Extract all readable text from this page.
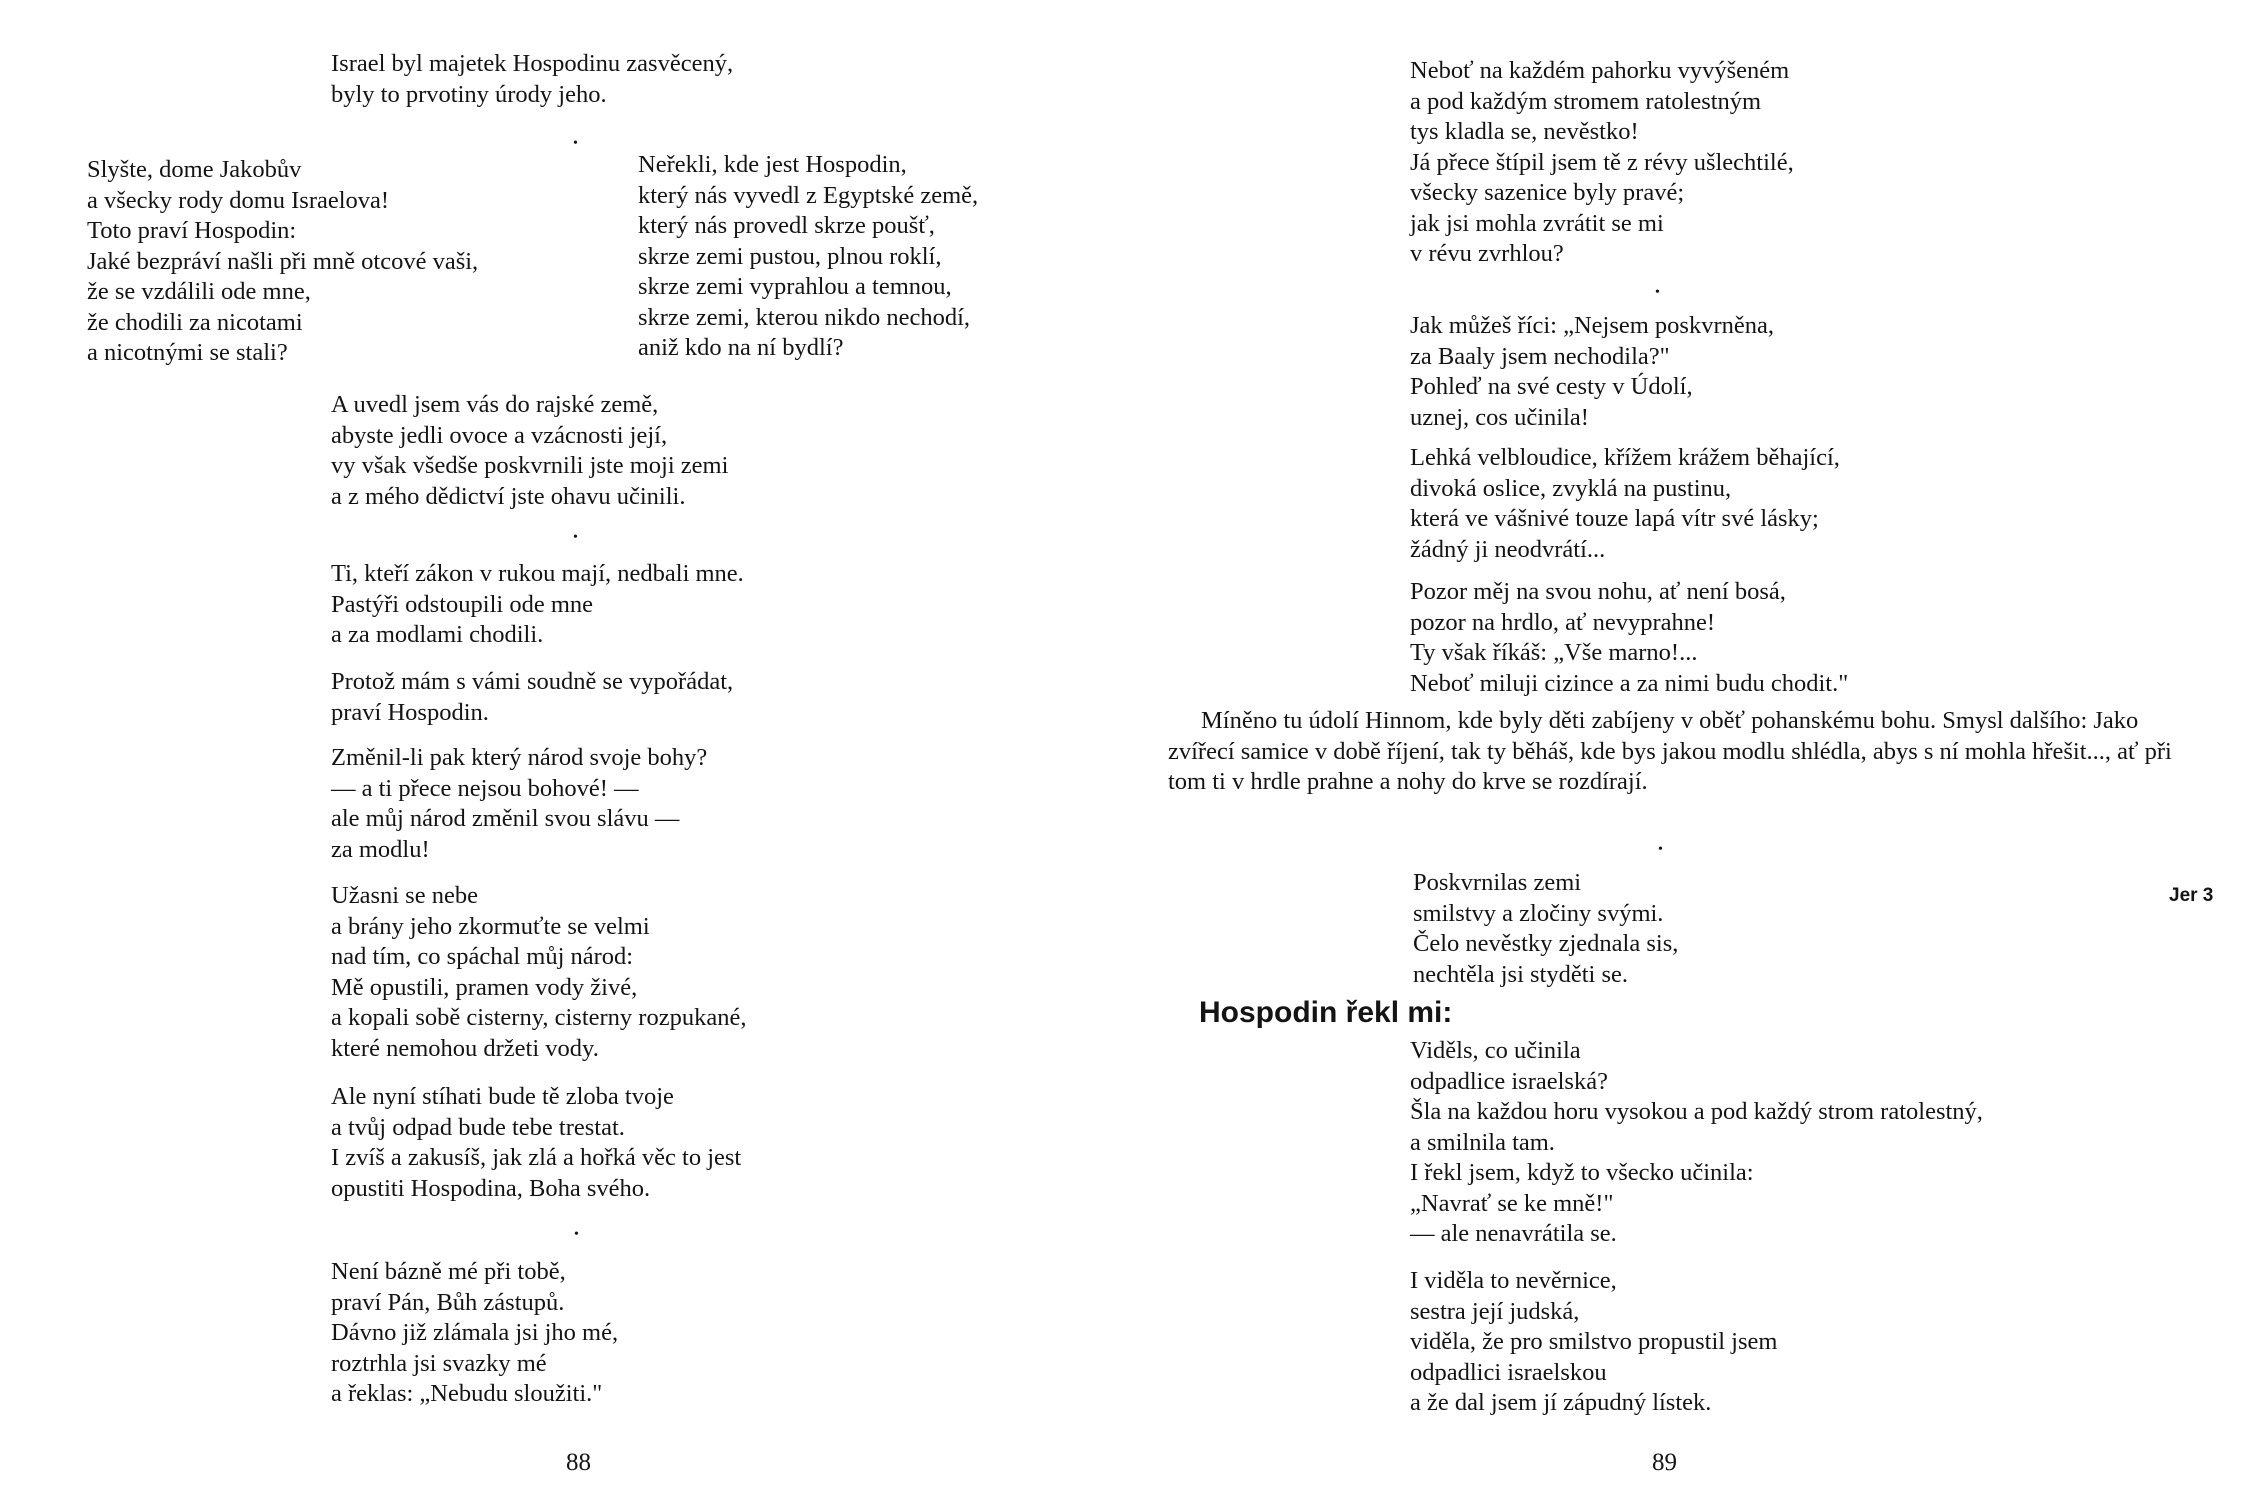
Israel byl majetek Hospodinu zasvěcený,
byly to prvotiny úrody jeho.
Slyšte, dome Jakobův
a všecky rody domu Israelova!
Toto praví Hospodin:
Jaké bezpráví našli při mně otcové vaši,
že se vzdálili ode mne,
že chodili za nicotami
a nicotnými se stali?
Neřekli, kde jest Hospodin,
který nás vyvedl z Egyptské země,
který nás provedl skrze poušť,
skrze zemi pustou, plnou roklí,
skrze zemi vyprahlou a temnou,
skrze zemi, kterou nikdo nechodí,
aniž kdo na ní bydlí?
A uvedl jsem vás do rajské země,
abyste jedli ovoce a vzácnosti její,
vy však všedše poskvrnili jste moji zemi
a z mého dědictví jste ohavu učinili.
Ti, kteří zákon v rukou mají, nedbali mne.
Pastýři odstoupili ode mne
a za modlami chodili.
Protož mám s vámi soudně se vypořádat,
praví Hospodin.
Změnil-li pak který národ svoje bohy?
— a ti přece nejsou bohové! —
ale můj národ změnil svou slávu —
za modlu!
Užasni se nebe
a brány jeho zkormuťte se velmi
nad tím, co spáchal můj národ:
Mě opustili, pramen vody živé,
a kopali sobě cisterny, cisterny rozpukané,
které nemohou držeti vody.
Ale nyní stíhati bude tě zloba tvoje
a tvůj odpad bude tebe trestat.
I zvíš a zakusíš, jak zlá a hořká věc to jest
opustiti Hospodina, Boha svého.
•
Není bázně mé při tobě,
praví Pán, Bůh zástupů.
Dávno již zlámala jsi jho mé,
roztrhla jsi svazky mé
a řeklas: „Nebudu sloužiti."
•
•
88
Neboť na každém pahorku vyvýšeném
a pod každým stromem ratolestným
tys kladla se, nevěstko!
Já přece štípil jsem tě z révy ušlechtilé,
všecky sazenice byly pravé;
jak jsi mohla zvrátit se mi
v révu zvrhlou?
•
Jak můžeš říci: „Nejsem poskvrněna,
za Baaly jsem nechodila?"
Pohleď na své cesty v Údolí,
uznej, cos učinila!
Lehká velbloudice, křížem krážem běhající,
divoká oslice, zvyklá na pustinu,
která ve vášnivé touze lapá vítr své lásky;
žádný ji neodvrátí...
Pozor měj na svou nohu, ať není bosá,
pozor na hrdlo, ať nevyprahne!
Ty však říkáš: „Vše marno!...
Neboť miluji cizince a za nimi budu chodit."

Míněno tu údolí Hinnom, kde byly děti zabíjeny v oběť pohanskému bohu. Smysl dalšího: Jako zvířecí samice v době říjení, tak ty běháš, kde bys jakou modlu shlédla, abys s ní mohla hřešit..., ať při tom ti v hrdle prahne a nohy do krve se rozdírají.

•
Poskvrnilas zemi
smilstvy a zločiny svými.
Čelo nevěstky zjednala sis,
nechtěla jsi styděti se.
Jer 3
Hospodin řekl mi:
Viděls, co učinila
odpadlice israelská?
Šla na každou horu vysokou a pod každý strom ratolestný,
a smilnila tam.
I řekl jsem, když to všecko učinila:
„Navrať se ke mně!"
— ale nenavrátila se.
I viděla to nevěrnice,
sestra její judská,
viděla, že pro smilstvo propustil jsem
odpadlici israelskou
a že dal jsem jí zápudný lístek.
89
